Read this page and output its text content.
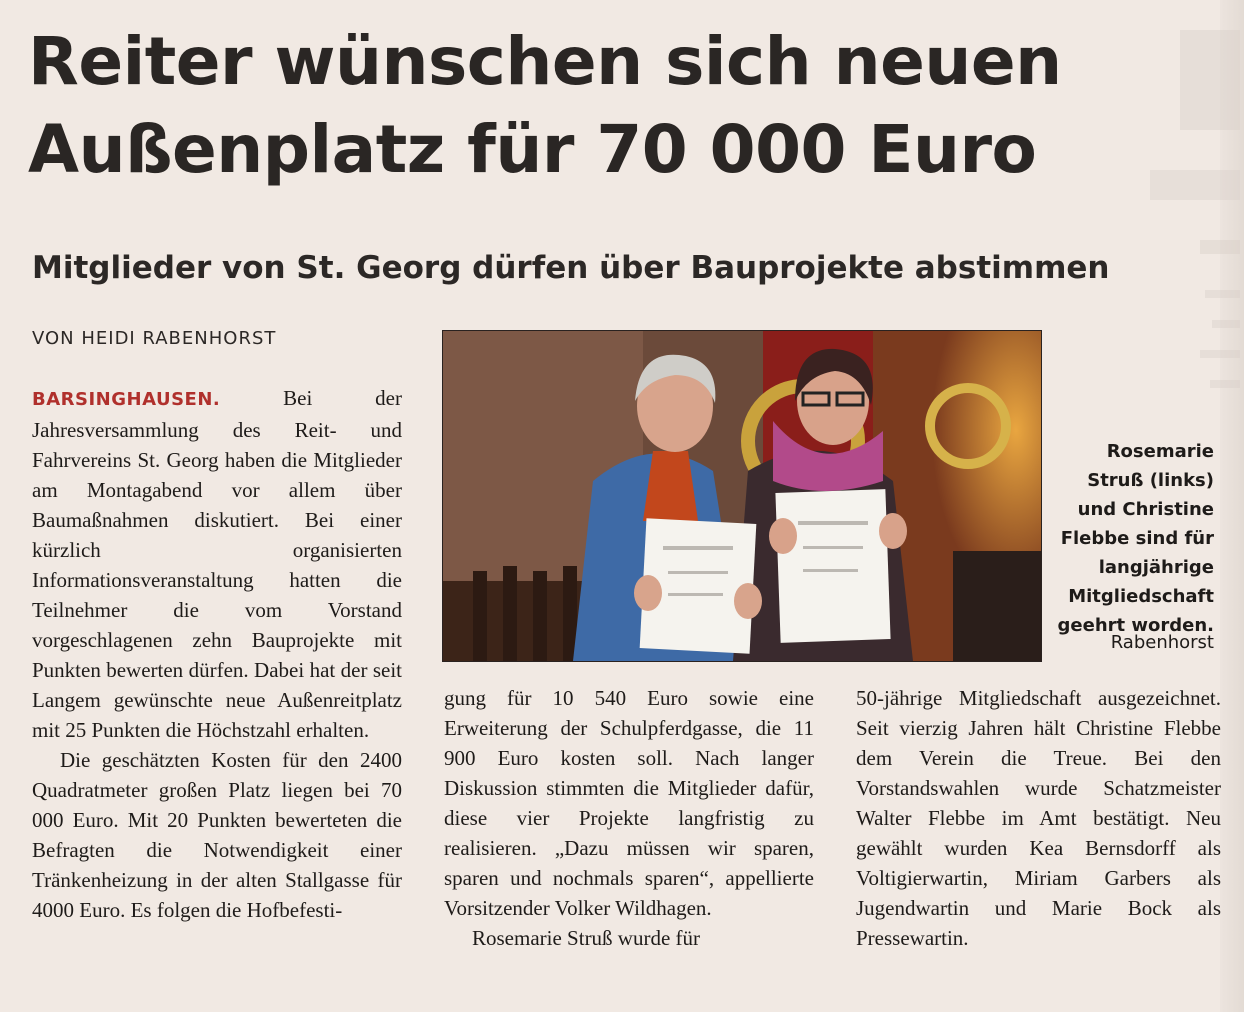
Reiter wünschen sich neuen
Außenplatz für 70 000 Euro
Mitglieder von St. Georg dürfen über Bauprojekte abstimmen
VON HEIDI RABENHORST

BARSINGHAUSEN.	Bei der Jahresversammlung des Reit- und Fahrvereins St. Georg haben die Mitglieder am Montagabend vor allem über Baumaßnahmen diskutiert. Bei einer kürzlich organisierten Informationsveranstaltung hatten die Teilnehmer die vom Vorstand vorgeschlagenen zehn Bauprojekte mit Punkten bewerten dürfen. Dabei hat der seit Langem gewünschte neue Außenreitplatz mit 25 Punkten die Höchstzahl erhalten.

Die geschätzten Kosten für den 2400 Quadratmeter großen Platz liegen bei 70 000 Euro. Mit 20 Punkten bewerteten die Befragten die Notwendigkeit einer Tränkenheizung in der alten Stallgasse für 4000 Euro. Es folgen die Hofbefesti-

Rosemarie Struß (links) und Christine Flebbe sind für langjährige Mitgliedschaft geehrt worden.

Rabenhorst

gung für 10 540 Euro sowie eine Erweiterung der Schulpferdgasse, die 11 900 Euro kosten soll. Nach langer Diskussion stimmten die Mitglieder dafür, diese vier Projekte langfristig zu realisieren. „Dazu müssen wir sparen, sparen und nochmals sparen“, appellierte Vorsitzender Volker Wildhagen.

Rosemarie Struß wurde für

50-jährige Mitgliedschaft ausgezeichnet. Seit vierzig Jahren hält Christine Flebbe dem Verein die Treue. Bei den Vorstandswahlen wurde Schatzmeister Walter Flebbe im Amt bestätigt. Neu gewählt wurden Kea Bernsdorff als Voltigierwartin, Miriam Garbers als Jugendwartin und Marie Bock als Pressewartin.
